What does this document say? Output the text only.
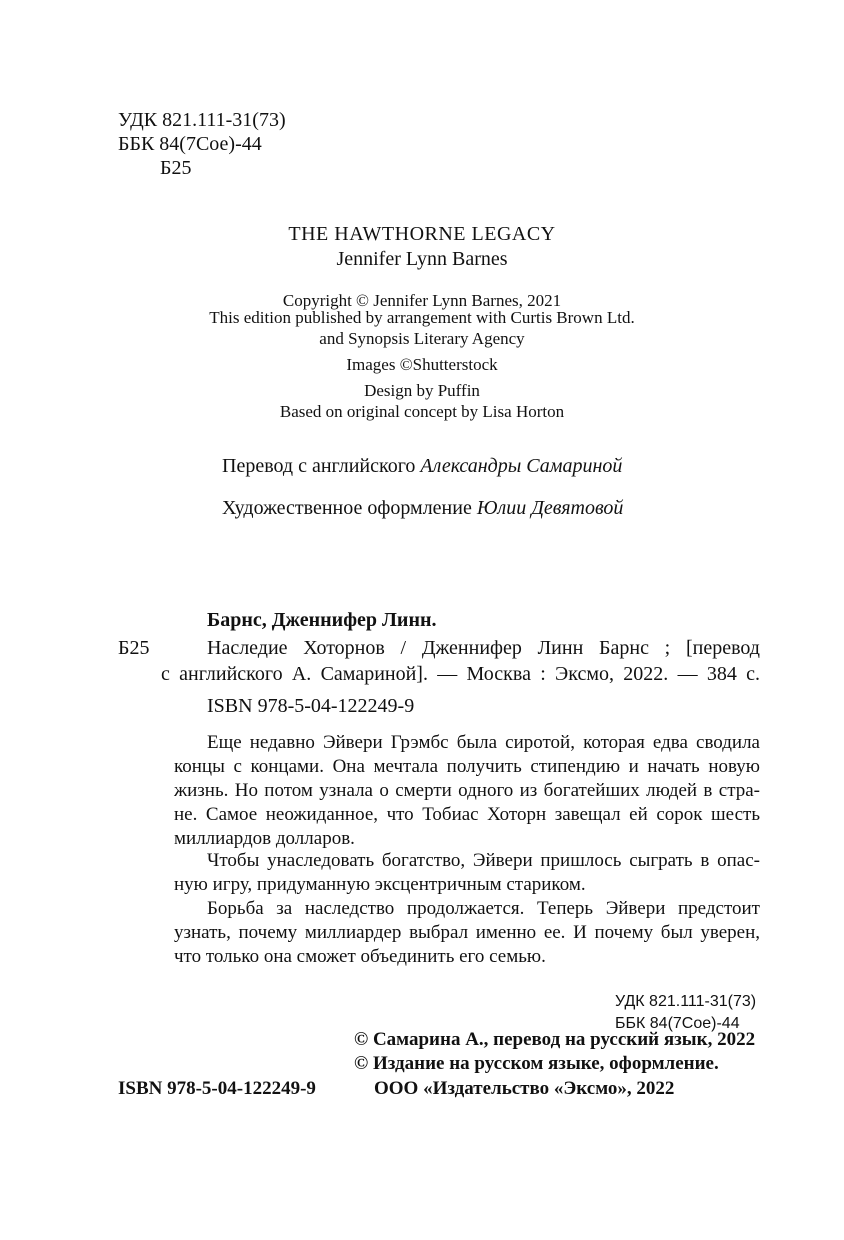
УДК 821.111-31(73)
ББК 84(7Сое)-44
Б25
THE HAWTHORNE LEGACY
Jennifer Lynn Barnes
Copyright © Jennifer Lynn Barnes, 2021
This edition published by arrangement with Curtis Brown Ltd.
and Synopsis Literary Agency
Images ©Shutterstock
Design by Puffin
Based on original concept by Lisa Horton
Перевод с английского Александры Самариной
Художественное оформление Юлии Девятовой
Барнс, Дженнифер Линн.
Б25	Наследие Хоторнов / Дженнифер Линн Барнс ; [перевод
с английского А. Самариной]. — Москва : Эксмо, 2022. — 384 с.
ISBN 978-5-04-122249-9
Еще недавно Эйвери Грэмбс была сиротой, которая едва сводила
концы с концами. Она мечтала получить стипендию и начать новую
жизнь. Но потом узнала о смерти одного из богатейших людей в стра-
не. Самое неожиданное, что Тобиас Хоторн завещал ей сорок шесть
миллиардов долларов.
Чтобы унаследовать богатство, Эйвери пришлось сыграть в опас-
ную игру, придуманную эксцентричным стариком.
Борьба за наследство продолжается. Теперь Эйвери предстоит
узнать, почему миллиардер выбрал именно ее. И почему был уверен,
что только она сможет объединить его семью.
УДК 821.111-31(73)
ББК 84(7Сое)-44
© Самарина А., перевод на русский язык, 2022
© Издание на русском языке, оформление.
ISBN 978-5-04-122249-9	ООО «Издательство «Эксмо», 2022
